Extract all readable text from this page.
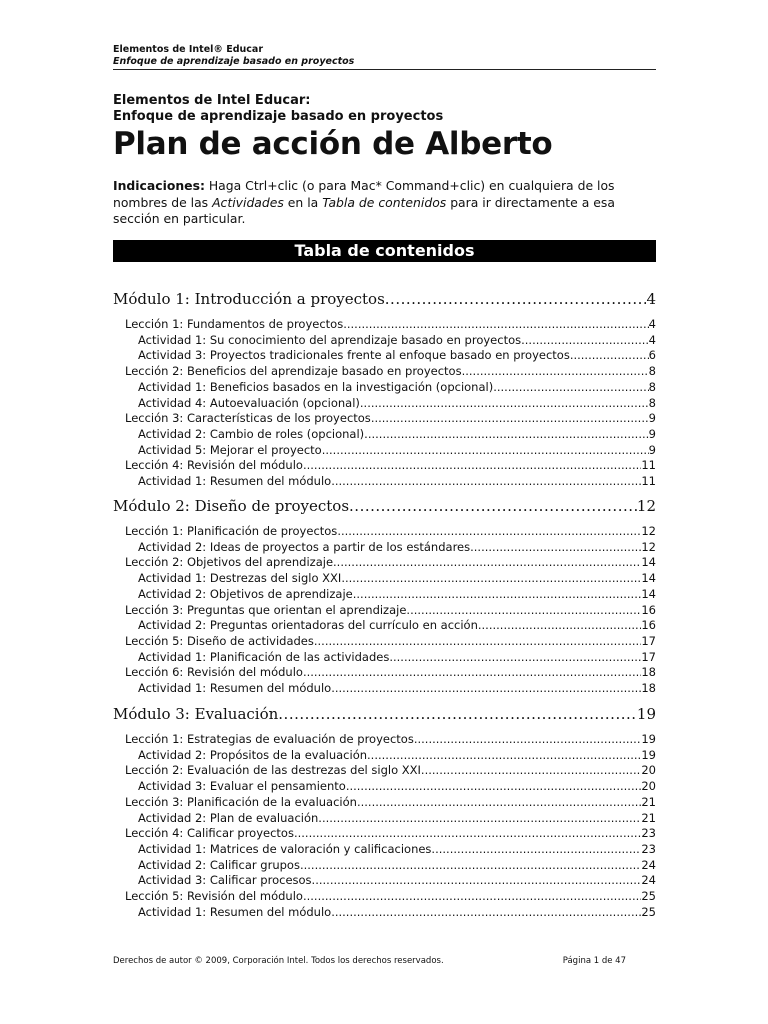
Elementos de Intel® Educar
Enfoque de aprendizaje basado en proyectos
Elementos de Intel Educar:
Enfoque de aprendizaje basado en proyectos
Plan de acción de Alberto
Indicaciones: Haga Ctrl+clic (o para Mac* Command+clic) en cualquiera de los nombres de las Actividades en la Tabla de contenidos para ir directamente a esa sección en particular.
Tabla de contenidos
Módulo 1: Introducción a proyectos .....	4
Lección 1: Fundamentos de proyectos .....	4
Actividad 1: Su conocimiento del aprendizaje basado en proyectos .....	4
Actividad 3: Proyectos tradicionales frente al enfoque basado en proyectos .....	6
Lección 2: Beneficios del aprendizaje basado en proyectos .....	8
Actividad 1: Beneficios basados en la investigación (opcional) .....	8
Actividad 4: Autoevaluación (opcional) .....	8
Lección 3: Características de los proyectos .....	9
Actividad 2: Cambio de roles (opcional) .....	9
Actividad 5: Mejorar el proyecto .....	9
Lección 4: Revisión del módulo .....	11
Actividad 1: Resumen del módulo .....	11
Módulo 2: Diseño de proyectos .....	12
Lección 1: Planificación de proyectos .....	12
Actividad 2: Ideas de proyectos a partir de los estándares .....	12
Lección 2: Objetivos del aprendizaje .....	14
Actividad 1: Destrezas del siglo XXI .....	14
Actividad 2: Objetivos de aprendizaje .....	14
Lección 3: Preguntas que orientan el aprendizaje .....	16
Actividad 2: Preguntas orientadoras del currículo en acción .....	16
Lección 5: Diseño de actividades .....	17
Actividad 1: Planificación de las actividades .....	17
Lección 6: Revisión del módulo .....	18
Actividad 1: Resumen del módulo .....	18
Módulo 3: Evaluación .....	19
Lección 1: Estrategias de evaluación de proyectos .....	19
Actividad 2: Propósitos de la evaluación .....	19
Lección 2: Evaluación de las destrezas del siglo XXI .....	20
Actividad 3: Evaluar el pensamiento .....	20
Lección 3: Planificación de la evaluación .....	21
Actividad 2: Plan de evaluación .....	21
Lección 4: Calificar proyectos .....	23
Actividad 1: Matrices de valoración y calificaciones .....	23
Actividad 2: Calificar grupos .....	24
Actividad 3: Calificar procesos .....	24
Lección 5: Revisión del módulo .....	25
Actividad 1: Resumen del módulo .....	25
Derechos de autor © 2009, Corporación Intel. Todos los derechos reservados.	Página 1 de 47
